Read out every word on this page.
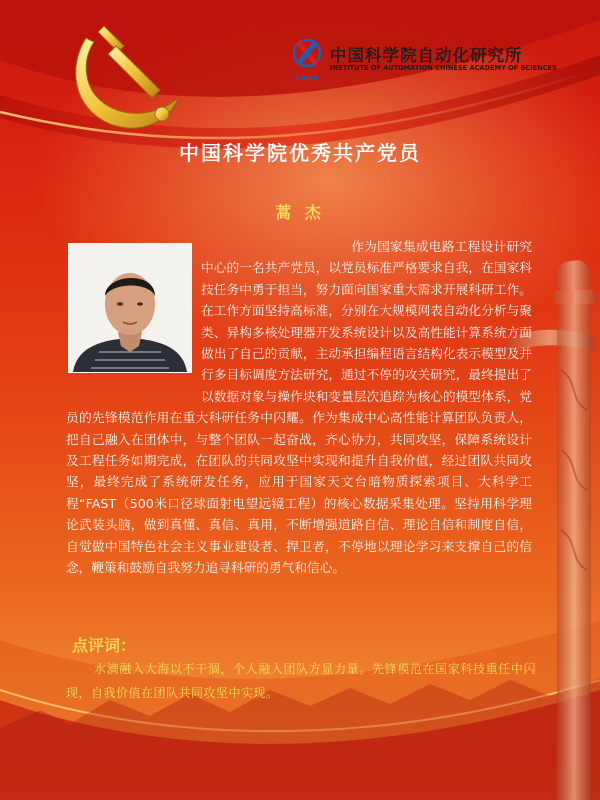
CASIA
中国科学院自动化研究所
INSTITUTE OF AUTOMATION CHINESE ACADEMY OF SCIENCES
中国科学院优秀共产党员
蒿 杰

作为国家集成电路工程设计研究中心的一名共产党员，以党员标准严格要求自我，在国家科技任务中勇于担当，努力面向国家重大需求开展科研工作。在工作方面坚持高标准，分别在大规模网表自动化分析与聚类、异构多核处理器开发系统设计以及高性能计算系统方面做出了自己的贡献，主动承担编程语言结构化表示模型及并行多目标调度方法研究，通过不停的攻关研究，最终提出了以数据对象与操作块和变量层次追踪为核心的模型体系，党员的先锋模范作用在重大科研任务中闪耀。作为集成中心高性能计算团队负责人，把自己融入在团体中，与整个团队一起奋战，齐心协力，共同攻坚，保障系统设计及工程任务如期完成，在团队的共同攻坚中实现和提升自我价值，经过团队共同攻坚，最终完成了系统研发任务，应用于国家天文台暗物质探索项目、大科学工程“FAST（500米口径球面射电望远镜工程）的核心数据采集处理。坚持用科学理论武装头脑，做到真懂、真信、真用，不断增强道路自信、理论自信和制度自信，自觉做中国特色社会主义事业建设者、捍卫者，不停地以理论学习来支撑自己的信念，鞭策和鼓励自我努力追寻科研的勇气和信心。

点评词：

水滴融入大海以不干涸，个人融入团队方显力量。先锋模范在国家科技重任中闪现，自我价值在团队共同攻坚中实现。
